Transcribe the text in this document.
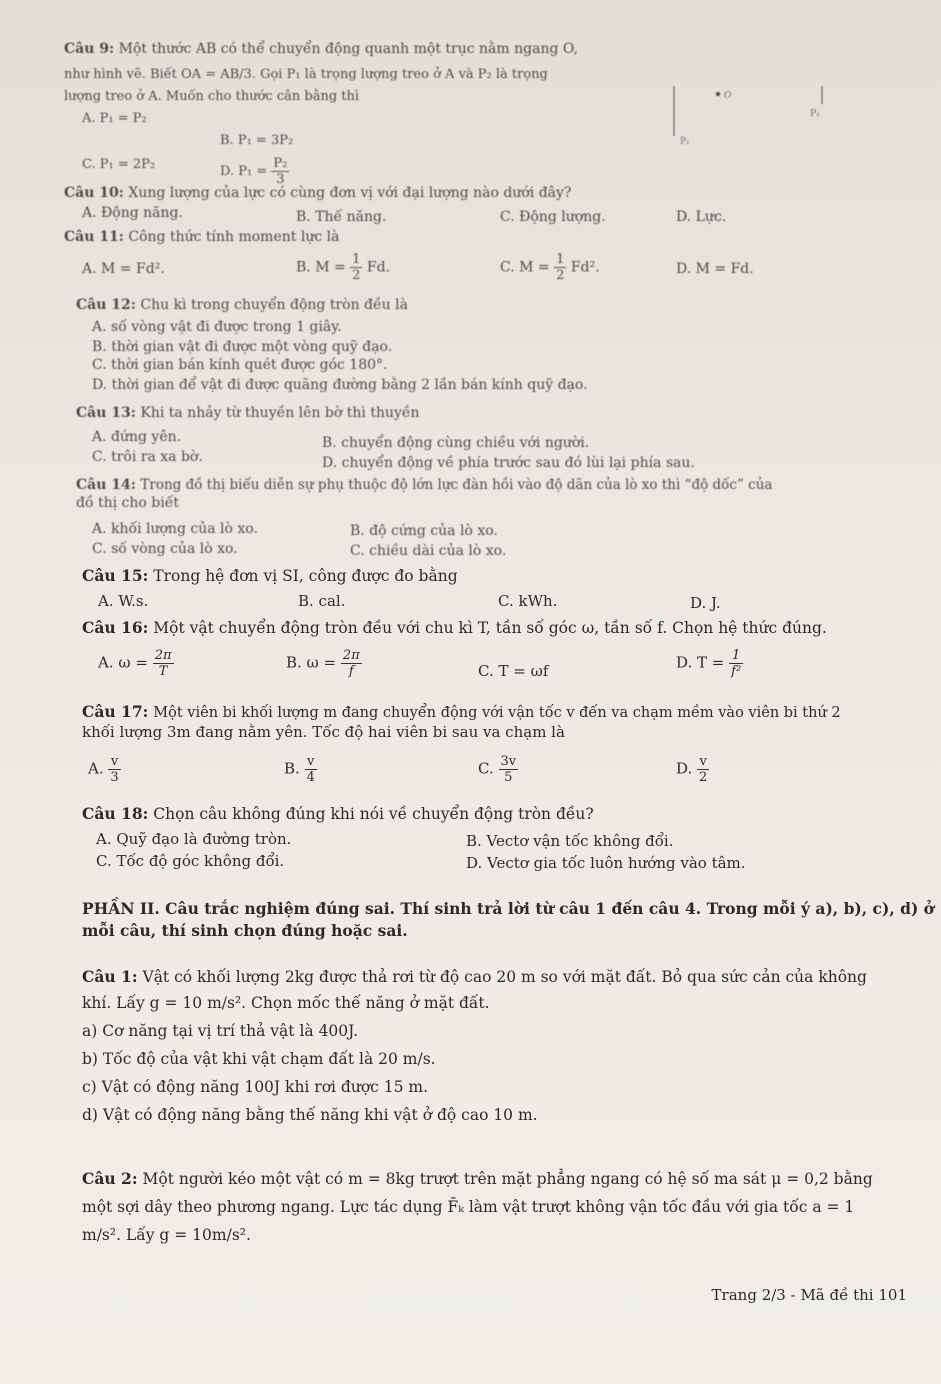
Câu 9: Một thước AB có thể chuyển động quanh một trục nằm ngang O,
như hình vẽ. Biết OA = AB/3. Gọi P₁ là trọng lượng treo ở A và P₂ là trọng
lượng treo ở A. Muốn cho thước cân bằng thì
A. P₁ = P₂
B. P₁ = 3P₂
C. P₁ = 2P₂	D. $P_1 = \frac{\text{P₂}}{3}$
O
P₁
P₂
Câu 10: Xung lượng của lực có cùng đơn vị với đại lượng nào dưới đây?
A. Động năng.	B. Thế năng.	C. Động lượng.	D. Lực.
Câu 11: Công thức tính moment lực là
A. M = Fd².	B. $M = \frac{1}{2} Fd$.	C. $M = \frac{1}{2} Fd^2$.	D. M = Fd.
Câu 12: Chu kì trong chuyển động tròn đều là
A. số vòng vật đi được trong 1 giây.
B. thời gian vật đi được một vòng quỹ đạo.
C. thời gian bán kính quét được góc 180°.
D. thời gian để vật đi được quãng đường bằng 2 lần bán kính quỹ đạo.
Câu 13: Khi ta nhảy từ thuyền lên bờ thì thuyền
A. đứng yên.	B. chuyển động cùng chiều với người.
C. trôi ra xa bờ.	D. chuyển động về phía trước sau đó lùi lại phía sau.
Câu 14: Trong đồ thị biểu diễn sự phụ thuộc độ lớn lực đàn hồi vào độ dãn của lò xo thì “độ dốc” của
đồ thị cho biết
A. khối lượng của lò xo.	B. độ cứng của lò xo.
C. số vòng của lò xo.	C. chiều dài của lò xo.
Câu 15: Trong hệ đơn vị SI, công được đo bằng
A. W.s.	B. cal.	C. kWh.	D. J.
Câu 16: Một vật chuyển động tròn đều với chu kì T, tần số góc ω, tần số f. Chọn hệ thức đúng.
A. $\omega = \frac{2\pi}{T}$	B. $\omega = \frac{2\pi}{f}$	C. T = ωf	D. $T = \frac{1}{\text{f²}}$
Câu 17: Một viên bi khối lượng m đang chuyển động với vận tốc v đến va chạm mềm vào viên bi thứ 2
khối lượng 3m đang nằm yên. Tốc độ hai viên bi sau va chạm là
A. $\frac{v}{3}$	B. $\frac{v}{4}$	C. $\frac{3v}{5}$	D. $\frac{v}{2}$
Câu 18: Chọn câu không đúng khi nói về chuyển động tròn đều?
A. Quỹ đạo là đường tròn.	B. Vectơ vận tốc không đổi.
C. Tốc độ góc không đổi.	D. Vectơ gia tốc luôn hướng vào tâm.
PHẦN II. Câu trắc nghiệm đúng sai. Thí sinh trả lời từ câu 1 đến câu 4. Trong mỗi ý a), b), c), d) ở
mỗi câu, thí sinh chọn đúng hoặc sai.
Câu 1: Vật có khối lượng 2kg được thả rơi từ độ cao 20 m so với mặt đất. Bỏ qua sức cản của không
khí. Lấy g = 10 m/s². Chọn mốc thế năng ở mặt đất.
a) Cơ năng tại vị trí thả vật là 400J.
b) Tốc độ của vật khi vật chạm đất là 20 m/s.
c) Vật có động năng 100J khi rơi được 15 m.
d) Vật có động năng bằng thế năng khi vật ở độ cao 10 m.
Câu 2: Một người kéo một vật có m = 8kg trượt trên mặt phẳng ngang có hệ số ma sát μ = 0,2 bằng
một sợi dây theo phương ngang. Lực tác dụng F̄ₖ làm vật trượt không vận tốc đầu với gia tốc a = 1
m/s². Lấy g = 10m/s².
Trang 2/3 - Mã đề thi 101
